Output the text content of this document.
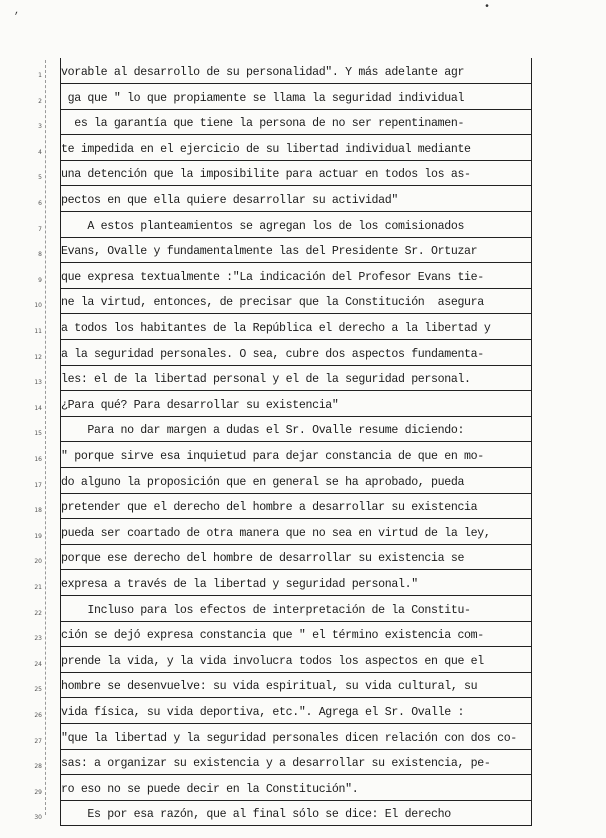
,	•
1
2
3
4
5
6
7
8
9
10
11
12
13
14
15
16
17
18
19
20
21
22
23
24
25
26
27
28
29
30
vorable al desarrollo de su personalidad". Y más adelante agr
ga que " lo que propiamente se llama la seguridad individual
es la garantía que tiene la persona de no ser repentinamen-
te impedida en el ejercicio de su libertad individual mediante
una detención que la imposibilite para actuar en todos los as-
pectos en que ella quiere desarrollar su actividad"
A estos planteamientos se agregan los de los comisionados
Evans, Ovalle y fundamentalmente las del Presidente Sr. Ortuzar
que expresa textualmente :"La indicación del Profesor Evans tie-
ne la virtud, entonces, de precisar que la Constitución  asegura
a todos los habitantes de la República el derecho a la libertad y
a la seguridad personales. O sea, cubre dos aspectos fundamenta-
les: el de la libertad personal y el de la seguridad personal.
¿Para qué? Para desarrollar su existencia"
Para no dar margen a dudas el Sr. Ovalle resume diciendo:
" porque sirve esa inquietud para dejar constancia de que en mo-
do alguno la proposición que en general se ha aprobado, pueda
pretender que el derecho del hombre a desarrollar su existencia
pueda ser coartado de otra manera que no sea en virtud de la ley,
porque ese derecho del hombre de desarrollar su existencia se
expresa a través de la libertad y seguridad personal."
Incluso para los efectos de interpretación de la Constitu-
ción se dejó expresa constancia que " el término existencia com-
prende la vida, y la vida involucra todos los aspectos en que el
hombre se desenvuelve: su vida espiritual, su vida cultural, su
vida física, su vida deportiva, etc.". Agrega el Sr. Ovalle :
"que la libertad y la seguridad personales dicen relación con dos co-
sas: a organizar su existencia y a desarrollar su existencia, pe-
ro eso no se puede decir en la Constitución".
Es por esa razón, que al final sólo se dice: El derecho
